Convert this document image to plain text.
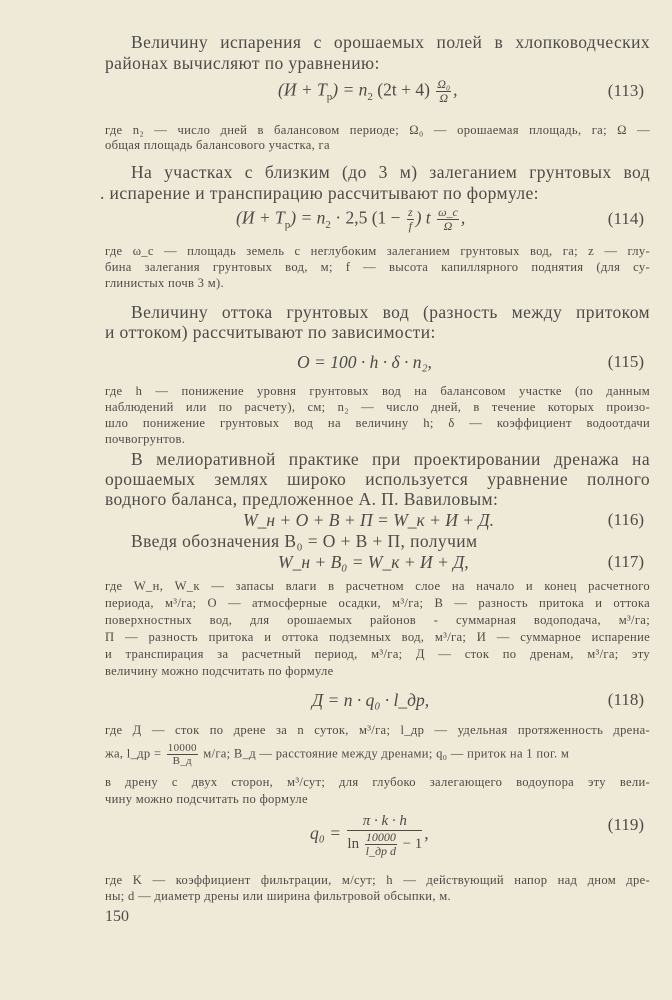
Величину испарения с орошаемых полей в хлопководческих
районах вычисляют по уравнению:
$(И + Т_р) = n_2$ $(2t + 4) \frac{\text{Ω₀}}{\Omega}$ ,	(113)
где n₂ — число дней в балансовом периоде; Ω₀ — орошаемая площадь, га; Ω —
общая площадь балансового участка, га
На участках с близким (до 3 м) залеганием грунтовых вод
. испарение и транспирацию рассчитывают по формуле:
$(И + Т_р) = n_2 \cdot 2,5$ ($1 - \frac{z}{f}$ ) t $\frac{\omega\_c}{\Omega}$ ,	(114)
где ω_c — площадь земель с неглубоким залеганием грунтовых вод, га; z — глу-
бина залегания грунтовых вод, м; f — высота капиллярного поднятия (для су-
глинистых почв 3 м).
Величину оттока грунтовых вод (разность между притоком
и оттоком) рассчитывают по зависимости:
O = 100 · h · δ · n₂,	(115)
где h — понижение уровня грунтовых вод на балансовом участке (по данным
наблюдений или по расчету), см; n₂ — число дней, в течение которых произо-
шло понижение грунтовых вод на величину h; δ — коэффициент водоотдачи
почвогрунтов.
В мелиоративной практике при проектировании дренажа на
орошаемых землях широко используется уравнение полного
водного баланса, предложенное А. П. Вавиловым:
W_н + O + B + П = W_к + И + Д.	(116)
Введя обозначения B₀ = O + B + П, получим
W_н + B₀ = W_к + И + Д,	(117)
где W_н, W_к — запасы влаги в расчетном слое на начало и конец расчетного
периода, м³/га; O — атмосферные осадки, м³/га; B — разность притока и оттока
поверхностных вод, для орошаемых районов - суммарная водоподача, м³/га;
П — разность притока и оттока подземных вод, м³/га; И — суммарное испарение
и транспирация за расчетный период, м³/га; Д — сток по дренам, м³/га; эту
величину можно подсчитать по формуле
Д = n · q₀ · l_др,	(118)
где Д — сток по дрене за n суток, м³/га; l_др — удельная протяженность дрена-
жа, l_др = 10000
B_д
м/га; B_д — расстояние между дренами; q₀ — приток на 1 пог. м
в дрену с двух сторон, м³/сут; для глубоко залегающего водоупора эту вели-
чину можно подсчитать по формуле
q₀ =
π · k · h
ln 10000
l_др d − 1
,	(119)
где K — коэффициент фильтрации, м/сут; h — действующий напор над дном дре-
ны; d — диаметр дрены или ширина фильтровой обсыпки, м.
150
